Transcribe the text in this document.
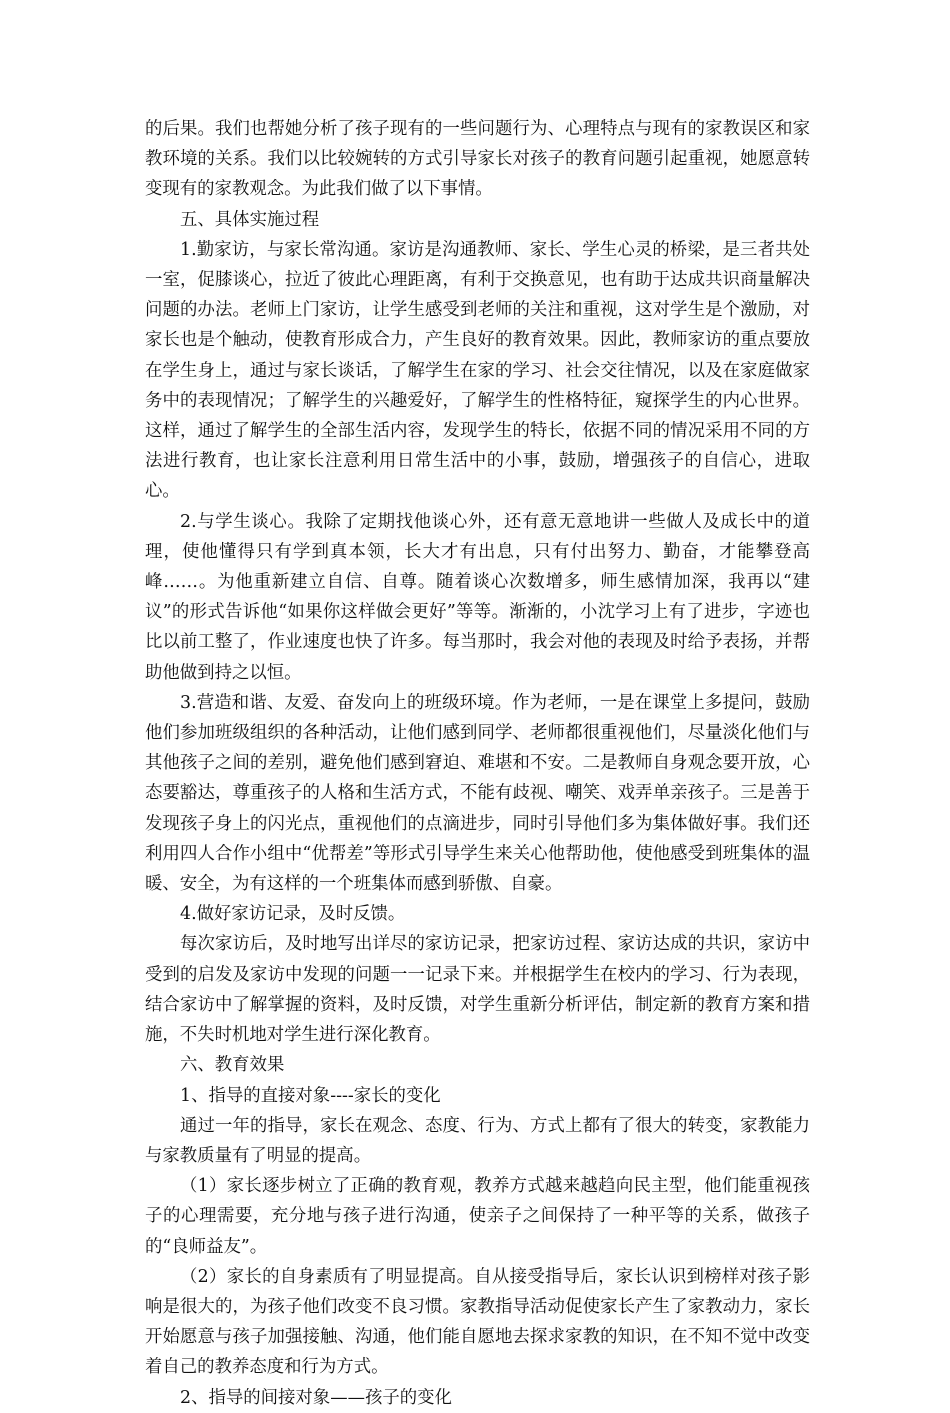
的后果。我们也帮她分析了孩子现有的一些问题行为、心理特点与现有的家教误区和家教环境的关系。我们以比较婉转的方式引导家长对孩子的教育问题引起重视，她愿意转变现有的家教观念。为此我们做了以下事情。

五、具体实施过程

1.勤家访，与家长常沟通。家访是沟通教师、家长、学生心灵的桥梁，是三者共处一室，促膝谈心，拉近了彼此心理距离，有利于交换意见，也有助于达成共识商量解决问题的办法。老师上门家访，让学生感受到老师的关注和重视，这对学生是个激励，对家长也是个触动，使教育形成合力，产生良好的教育效果。因此，教师家访的重点要放在学生身上，通过与家长谈话，了解学生在家的学习、社会交往情况，以及在家庭做家务中的表现情况；了解学生的兴趣爱好，了解学生的性格特征，窥探学生的内心世界。这样，通过了解学生的全部生活内容，发现学生的特长，依据不同的情况采用不同的方法进行教育，也让家长注意利用日常生活中的小事，鼓励，增强孩子的自信心，进取心。

2.与学生谈心。我除了定期找他谈心外，还有意无意地讲一些做人及成长中的道理，使他懂得只有学到真本领，长大才有出息，只有付出努力、勤奋，才能攀登高峰……。为他重新建立自信、自尊。随着谈心次数增多，师生感情加深，我再以“建议”的形式告诉他“如果你这样做会更好”等等。渐渐的，小沈学习上有了进步，字迹也比以前工整了，作业速度也快了许多。每当那时，我会对他的表现及时给予表扬，并帮助他做到持之以恒。

3.营造和谐、友爱、奋发向上的班级环境。作为老师，一是在课堂上多提问，鼓励他们参加班级组织的各种活动，让他们感到同学、老师都很重视他们，尽量淡化他们与其他孩子之间的差别，避免他们感到窘迫、难堪和不安。二是教师自身观念要开放，心态要豁达，尊重孩子的人格和生活方式，不能有歧视、嘲笑、戏弄单亲孩子。三是善于发现孩子身上的闪光点，重视他们的点滴进步，同时引导他们多为集体做好事。我们还利用四人合作小组中“优帮差”等形式引导学生来关心他帮助他，使他感受到班集体的温暖、安全，为有这样的一个班集体而感到骄傲、自豪。

4.做好家访记录，及时反馈。

每次家访后，及时地写出详尽的家访记录，把家访过程、家访达成的共识，家访中受到的启发及家访中发现的问题一一记录下来。并根据学生在校内的学习、行为表现，结合家访中了解掌握的资料，及时反馈，对学生重新分析评估，制定新的教育方案和措施，不失时机地对学生进行深化教育。

六、教育效果

1、指导的直接对象----家长的变化

通过一年的指导，家长在观念、态度、行为、方式上都有了很大的转变，家教能力与家教质量有了明显的提高。

（1）家长逐步树立了正确的教育观，教养方式越来越趋向民主型，他们能重视孩子的心理需要，充分地与孩子进行沟通，使亲子之间保持了一种平等的关系，做孩子的“良师益友”。

（2）家长的自身素质有了明显提高。自从接受指导后，家长认识到榜样对孩子影响是很大的，为孩子他们改变不良习惯。家教指导活动促使家长产生了家教动力，家长开始愿意与孩子加强接触、沟通，他们能自愿地去探求家教的知识，在不知不觉中改变着自己的教养态度和行为方式。

2、指导的间接对象——孩子的变化
